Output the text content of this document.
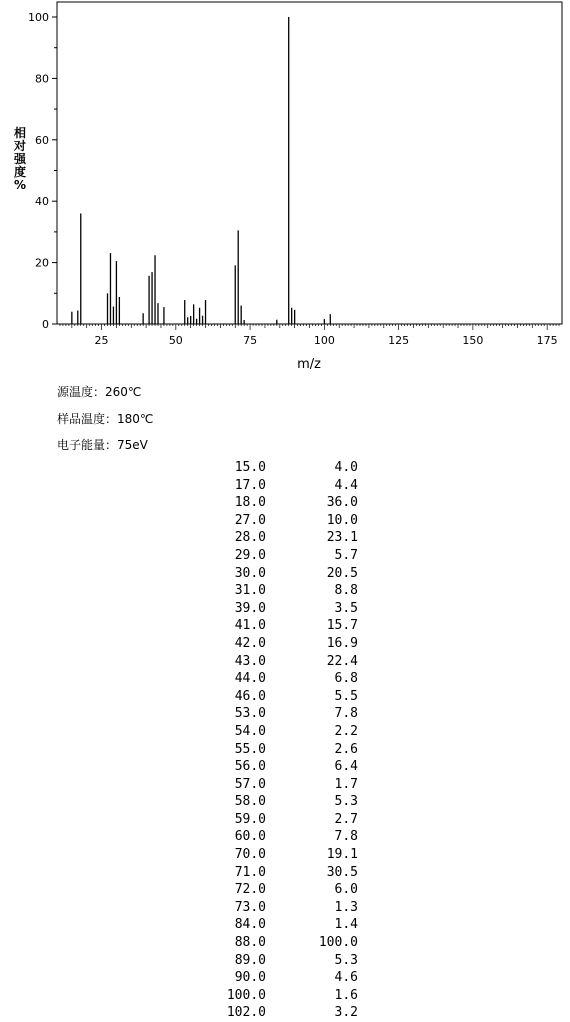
0
20
40
60
80
100
25	50	75	100	125	150	175
相对强度%
m/z
源温度：260℃
样品温度：180℃
电子能量：75eV
15.0	4.0
17.0	4.4
18.0	36.0
27.0	10.0
28.0	23.1
29.0	5.7
30.0	20.5
31.0	8.8
39.0	3.5
41.0	15.7
42.0	16.9
43.0	22.4
44.0	6.8
46.0	5.5
53.0	7.8
54.0	2.2
55.0	2.6
56.0	6.4
57.0	1.7
58.0	5.3
59.0	2.7
60.0	7.8
70.0	19.1
71.0	30.5
72.0	6.0
73.0	1.3
84.0	1.4
88.0	100.0
89.0	5.3
90.0	4.6
100.0	1.6
102.0	3.2
